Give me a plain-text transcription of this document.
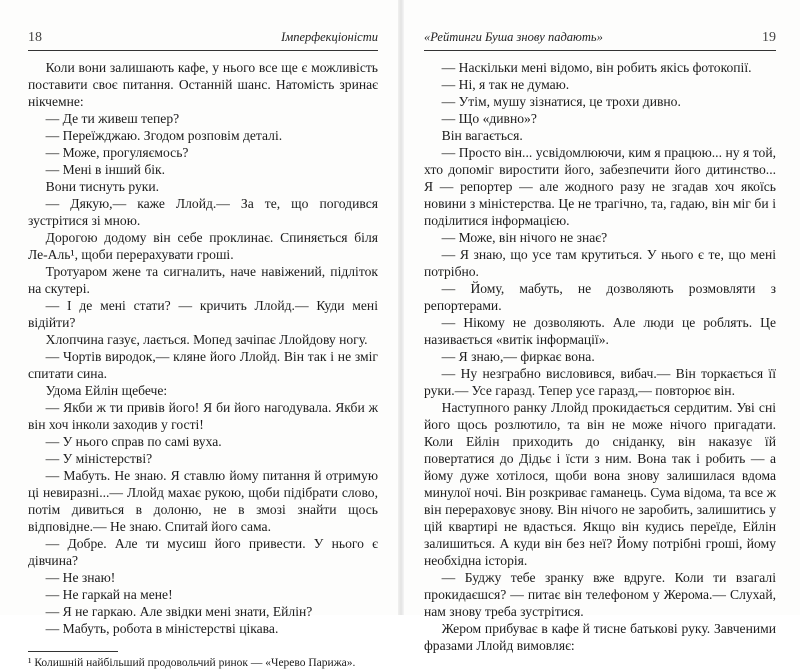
18	Імперфекціоністи

Коли вони залишають кафе, у нього все ще є можливість поставити своє питання. Останній шанс. Натомість зринає нікчемне:

— Де ти живеш тепер?

— Переїжджаю. Згодом розповім деталі.

— Може, прогуляємось?

— Мені в інший бік.

Вони тиснуть руки.

— Дякую,— каже Ллойд.— За те, що погодився зустрітися зі мною.

Дорогою додому він себе проклинає. Спиняється біля Ле-Аль¹, щоби перерахувати гроші.

Тротуаром жене та сигналить, наче навіжений, підліток на скутері.

— І де мені стати? — кричить Ллойд.— Куди мені відійти?

Хлопчина газує, лається. Мопед зачіпає Ллойдову ногу.

— Чортів виродок,— кляне його Ллойд. Він так і не зміг спитати сина.

Удома Ейлін щебече:

— Якби ж ти привів його! Я би його нагодувала. Якби ж він хоч інколи заходив у гості!

— У нього справ по самі вуха.

— У міністерстві?

— Мабуть. Не знаю. Я ставлю йому питання й отримую ці невиразні...— Ллойд махає рукою, щоби підібрати слово, потім дивиться в долоню, не в змозі знайти щось відповідне.— Не знаю. Спитай його сама.

— Добре. Але ти мусиш його привести. У нього є дівчина?

— Не знаю!

— Не гаркай на мене!

— Я не гаркаю. Але звідки мені знати, Ейлін?

— Мабуть, робота в міністерстві цікава.

¹ Колишній найбільший продовольчий ринок — «Черево Парижа».
«Рейтинги Буша знову падають»	19

— Наскільки мені відомо, він робить якісь фотокопії.

— Ні, я так не думаю.

— Утім, мушу зізнатися, це трохи дивно.

— Що «дивно»?

Він вагається.

— Просто він... усвідомлюючи, ким я працюю... ну я той, хто допоміг виростити його, забезпечити його дитинство... Я — репортер — але жодного разу не згадав хоч якоїсь новини з міністерства. Це не трагічно, та, гадаю, він міг би і поділитися інформацією.

— Може, він нічого не знає?

— Я знаю, що усе там крутиться. У нього є те, що мені потрібно.

— Йому, мабуть, не дозволяють розмовляти з репортерами.

— Нікому не дозволяють. Але люди це роблять. Це називається «витік інформації».

— Я знаю,— фиркає вона.

— Ну незграбно висловився, вибач.— Він торкається її руки.— Усе гаразд. Тепер усе гаразд,— повторює він.

Наступного ранку Ллойд прокидається сердитим. Уві сні його щось розлютило, та він не може нічого пригадати. Коли Ейлін приходить до сніданку, він наказує їй повертатися до Дідьє і їсти з ним. Вона так і робить — а йому дуже хотілося, щоби вона знову залишилася вдома минулої ночі. Він розкриває гаманець. Сума відома, та все ж він перераховує знову. Він нічого не заробить, залишитись у цій квартирі не вдасться. Якщо він кудись переїде, Ейлін залишиться. А куди він без неї? Йому потрібні гроші, йому необхідна історія.

— Буджу тебе зранку вже вдруге. Коли ти взагалі прокидаєшся? — питає він телефоном у Жерома.— Слухай, нам знову треба зустрітися.

Жером прибуває в кафе й тисне батькові руку. Завченими фразами Ллойд вимовляє:
